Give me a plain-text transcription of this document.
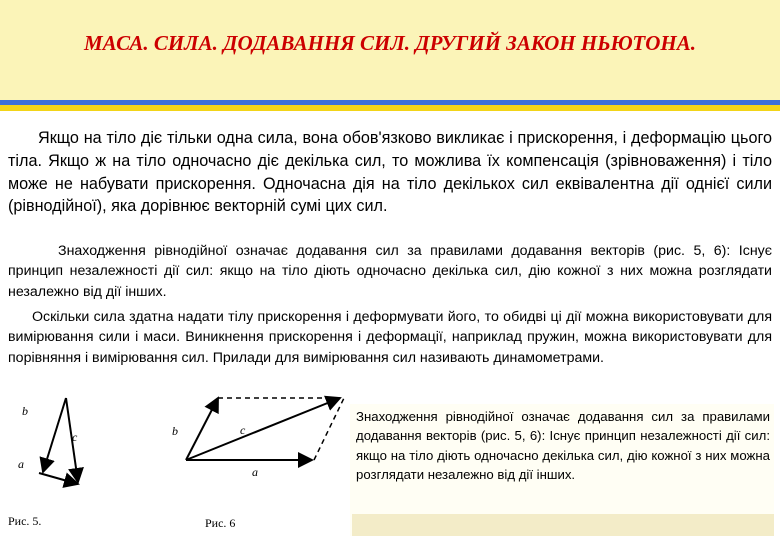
МАСА. СИЛА. ДОДАВАННЯ СИЛ. ДРУГИЙ ЗАКОН НЬЮТОНА.

Якщо на тіло діє тільки одна сила, вона обов'язково викликає і прискорення, і деформацію цього тіла. Якщо ж на тіло одночасно діє декілька сил, то можлива їх компенсація (зрівноваження) і тіло може не набувати прискорення. Одночасна дія на тіло декількох сил еквівалентна дії однієї сили (рівнодійної), яка дорівнює векторній сумі цих сил.

Знаходження рівнодійної означає додавання сил за правилами додавання векторів (рис. 5, 6): Існує принцип незалежності дії сил: якщо на тіло діють одночасно декілька сил, дію кожної з них можна розглядати незалежно від дії інших.

Оскільки сила здатна надати тілу прискорення і деформувати його, то обидві ці дії можна використовувати для вимірювання сили і маси. Виникнення прискорення і деформації, наприклад пружин, можна використовувати для порівняння і вимірювання сил. Прилади для вимірювання сил називають динамометрами.

Знаходження рівнодійної означає додавання сил за правилами додавання векторів (рис. 5, 6): Існує принцип незалежності дії сил: якщо на тіло діють одночасно декілька сил, дію кожної з них можна розглядати незалежно від дії інших.

b
c
a
b	c
a
Рис. 5.	Рис. 6
